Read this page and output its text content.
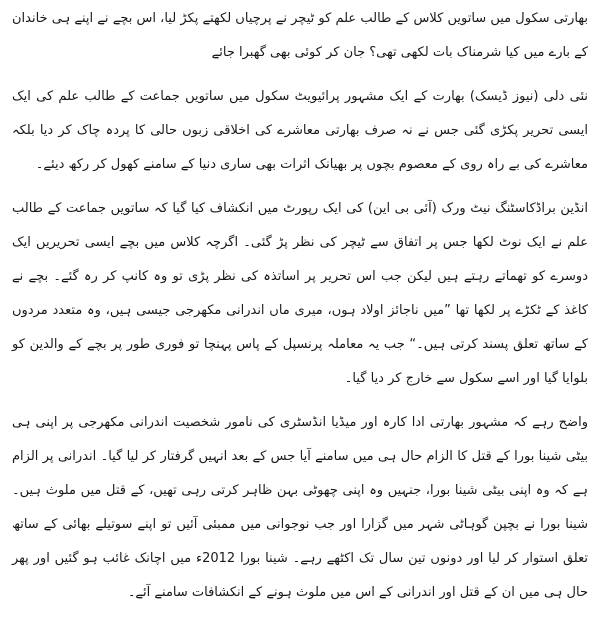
بھارتی سکول میں ساتویں کلاس کے طالب علم کو ٹیچر نے پرچیاں لکھتے پکڑ لیا، اس بچے نے اپنے ہی خاندان کے بارے میں کیا شرمناک بات لکھی تھی؟ جان کر کوئی بھی گھبرا جائے

نئی دلی (نیوز ڈیسک) بھارت کے ایک مشہور پرائیویٹ سکول میں ساتویں جماعت کے طالب علم کی ایک ایسی تحریر پکڑی گئی جس نے نہ صرف بھارتی معاشرے کی اخلاقی زبوں حالی کا پردہ چاک کر دیا بلکہ معاشرے کی بے راہ روی کے معصوم بچوں پر بھیانک اثرات بھی ساری دنیا کے سامنے کھول کر رکھ دیئے۔

انڈین براڈکاسٹنگ نیٹ ورک (آئی بی این) کی ایک رپورٹ میں انکشاف کیا گیا کہ ساتویں جماعت کے طالب علم نے ایک نوٹ لکھا جس پر اتفاق سے ٹیچر کی نظر پڑ گئی۔ اگرچہ کلاس میں بچے ایسی تحریریں ایک دوسرے کو تھماتے رہتے ہیں لیکن جب اس تحریر پر اساتذہ کی نظر پڑی تو وہ کانپ کر رہ گئے۔ بچے نے کاغذ کے ٹکڑے پر لکھا تھا ”میں ناجائز اولاد ہوں، میری ماں اندرانی مکھرجی جیسی ہیں، وہ متعدد مردوں کے ساتھ تعلق پسند کرتی ہیں۔“ جب یہ معاملہ پرنسپل کے پاس پہنچا تو فوری طور پر بچے کے والدین کو بلوایا گیا اور اسے سکول سے خارج کر دیا گیا۔

واضح رہے کہ مشہور بھارتی ادا کارہ اور میڈیا انڈسٹری کی نامور شخصیت اندرانی مکھرجی پر اپنی ہی بیٹی شینا بورا کے قتل کا الزام حال ہی میں سامنے آیا جس کے بعد انہیں گرفتار کر لیا گیا۔ اندرانی پر الزام ہے کہ وہ اپنی بیٹی شینا بورا، جنہیں وہ اپنی چھوٹی بہن ظاہر کرتی رہی تھیں، کے قتل میں ملوث ہیں۔ شینا بورا نے بچپن گوہاٹی شہر میں گزارا اور جب نوجوانی میں ممبئی آئیں تو اپنے سوتیلے بھائی کے ساتھ تعلق استوار کر لیا اور دونوں تین سال تک اکٹھے رہے۔ شینا بورا 2012ء میں اچانک غائب ہو گئیں اور پھر حال ہی میں ان کے قتل اور اندرانی کے اس میں ملوث ہونے کے انکشافات سامنے آئے۔
